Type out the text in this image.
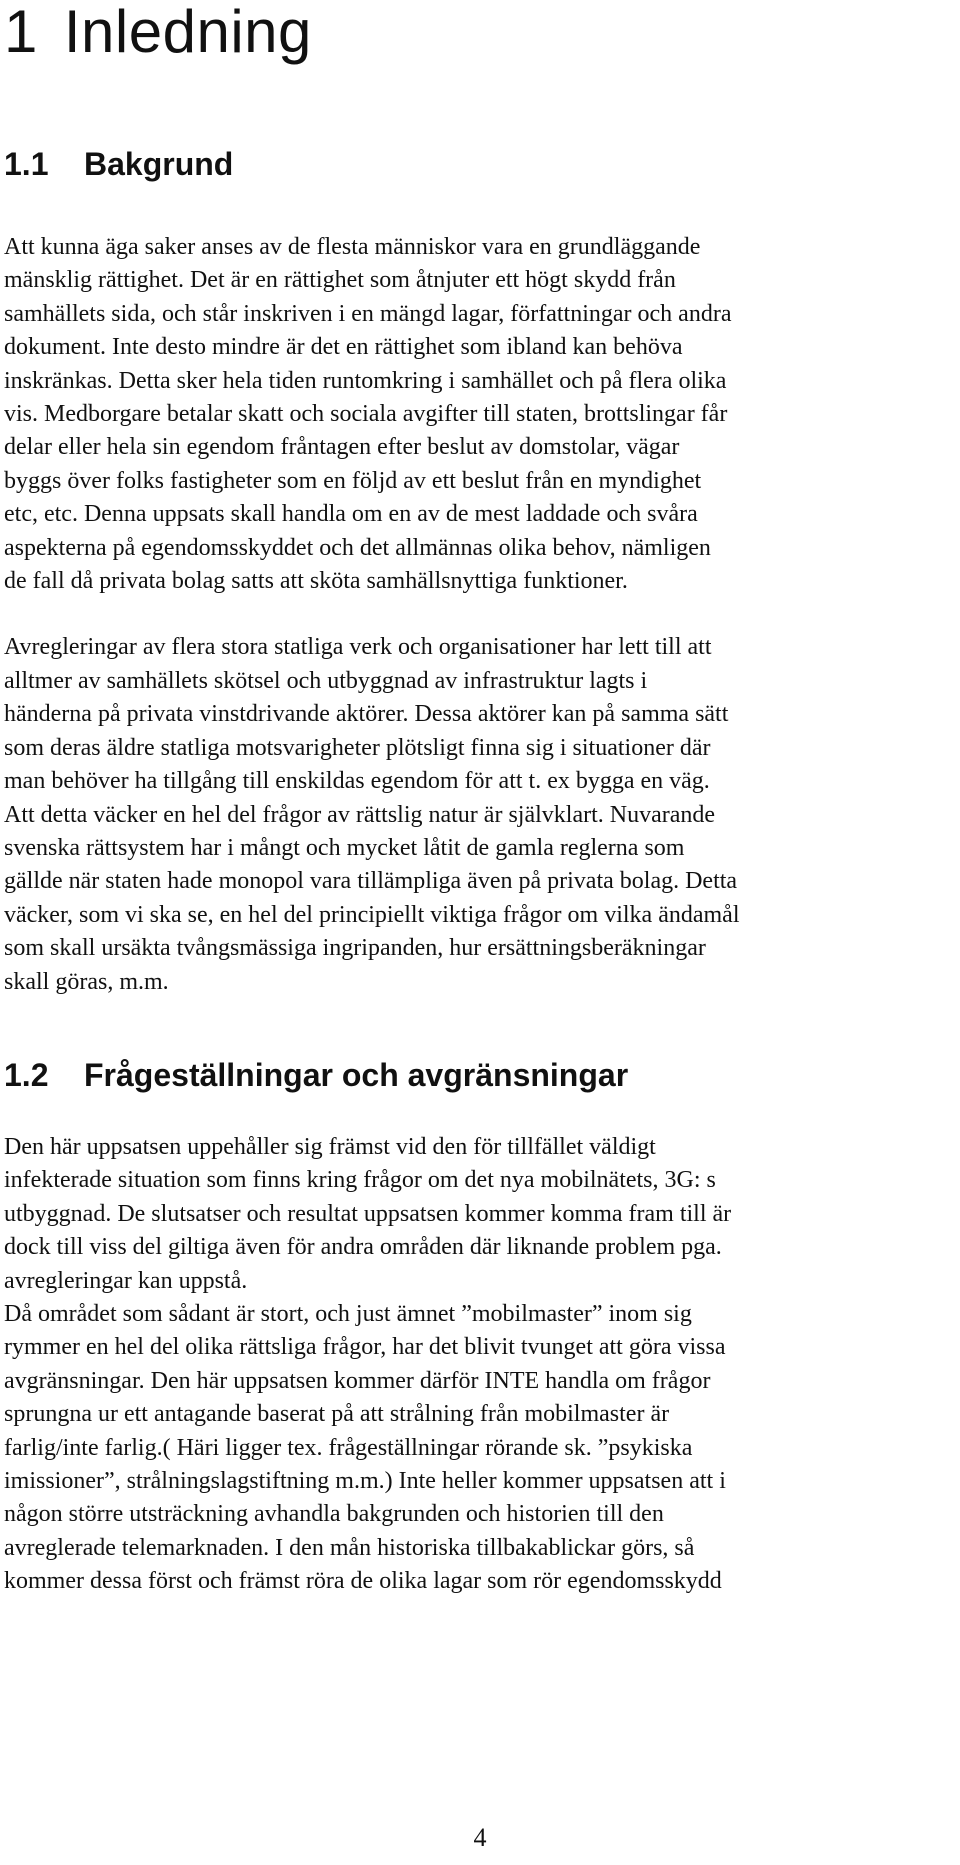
1 Inledning
1.1 Bakgrund

Att kunna äga saker anses av de flesta människor vara en grundläggande
mänsklig rättighet. Det är en rättighet som åtnjuter ett högt skydd från
samhällets sida, och står inskriven i en mängd lagar, författningar och andra
dokument. Inte desto mindre är det en rättighet som ibland kan behöva
inskränkas. Detta sker hela tiden runtomkring i samhället och på flera olika
vis. Medborgare betalar skatt och sociala avgifter till staten, brottslingar får
delar eller hela sin egendom fråntagen efter beslut av domstolar, vägar
byggs över folks fastigheter som en följd av ett beslut från en myndighet
etc, etc. Denna uppsats skall handla om en av de mest laddade och svåra
aspekterna på egendomsskyddet och det allmännas olika behov, nämligen
de fall då privata bolag satts att sköta samhällsnyttiga funktioner.

Avregleringar av flera stora statliga verk och organisationer har lett till att
alltmer av samhällets skötsel och utbyggnad av infrastruktur lagts i
händerna på privata vinstdrivande aktörer. Dessa aktörer kan på samma sätt
som deras äldre statliga motsvarigheter plötsligt finna sig i situationer där
man behöver ha tillgång till enskildas egendom för att t. ex bygga en väg.
Att detta väcker en hel del frågor av rättslig natur är självklart. Nuvarande
svenska rättsystem har i mångt och mycket låtit de gamla reglerna som
gällde när staten hade monopol vara tillämpliga även på privata bolag. Detta
väcker, som vi ska se, en hel del principiellt viktiga frågor om vilka ändamål
som skall ursäkta tvångsmässiga ingripanden, hur ersättningsberäkningar
skall göras, m.m.

1.2 Frågeställningar och avgränsningar

Den här uppsatsen uppehåller sig främst vid den för tillfället väldigt
infekterade situation som finns kring frågor om det nya mobilnätets, 3G: s
utbyggnad. De slutsatser och resultat uppsatsen kommer komma fram till är
dock till viss del giltiga även för andra områden där liknande problem pga.
avregleringar kan uppstå.

Då området som sådant är stort, och just ämnet ”mobilmaster” inom sig
rymmer en hel del olika rättsliga frågor, har det blivit tvunget att göra vissa
avgränsningar. Den här uppsatsen kommer därför INTE handla om frågor
sprungna ur ett antagande baserat på att strålning från mobilmaster är
farlig/inte farlig.( Häri ligger tex. frågeställningar rörande sk. ”psykiska
imissioner”, strålningslagstiftning m.m.) Inte heller kommer uppsatsen att i
någon större utsträckning avhandla bakgrunden och historien till den
avreglerade telemarknaden. I den mån historiska tillbakablickar görs, så
kommer dessa först och främst röra de olika lagar som rör egendomsskydd

4
